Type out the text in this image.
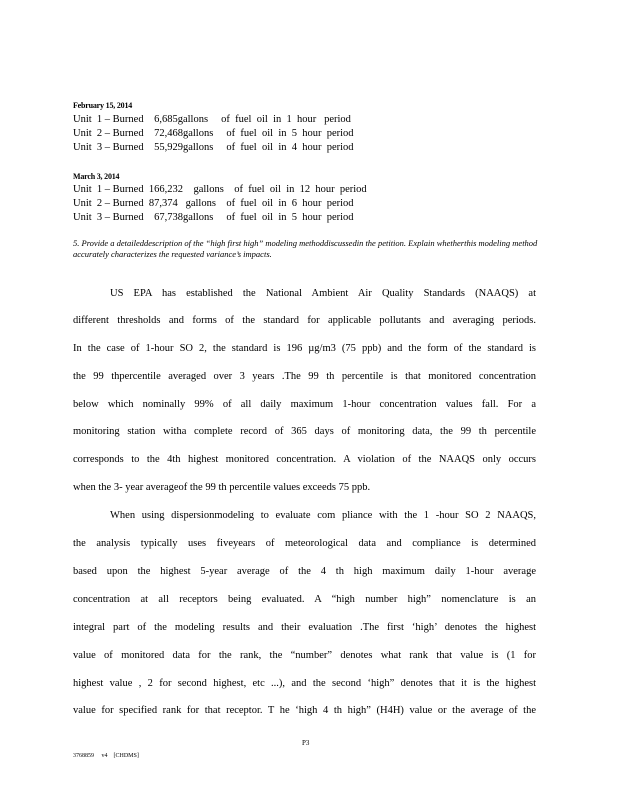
February 15, 2014
Unit  1 – Burned    6,685gallons     of  fuel  oil  in  1  hour   period
Unit  2 – Burned    72,468gallons     of  fuel  oil  in  5  hour  period
Unit  3 – Burned    55,929gallons     of  fuel  oil  in  4  hour  period
March 3, 2014
Unit  1 – Burned  166,232    gallons    of  fuel  oil  in  12  hour  period
Unit  2 – Burned  87,374   gallons    of  fuel  oil  in  6  hour  period
Unit  3 – Burned    67,738gallons     of  fuel  oil  in  5  hour  period
5. Provide a detaileddescription of the “high first high” modeling methoddiscussedin the petition. Explain whetherthis modeling method accurately characterizes the requested variance’s impacts.
US EPA has established the National Ambient Air Quality Standards (NAAQS) at
different thresholds and forms of the standard for applicable pollutants and averaging periods.
In the case of 1-hour SO 2, the standard is 196 µg/m3 (75 ppb) and the form of the standard is
the 99 thpercentile averaged over 3 years .The 99 th percentile is that monitored concentration
below which nominally 99% of all daily maximum 1-hour concentration values fall. For a
monitoring station witha complete record of 365 days of monitoring data, the 99 th percentile
corresponds to the 4th highest monitored concentration. A violation of the NAAQS only occurs
when the 3- year averageof the 99 th percentile values exceeds 75 ppb.
When using dispersionmodeling to evaluate com pliance with the 1 -hour SO 2 NAAQS,
the analysis typically uses fiveyears of meteorological data and compliance is determined
based upon the highest 5-year average of the 4 th high maximum daily 1-hour average
concentration at all receptors being evaluated. A “high number high” nomenclature is an
integral part of the modeling results and their evaluation .The first ‘high’ denotes the highest
value of monitored data for the rank, the “number” denotes what rank that value is (1 for
highest value , 2 for second highest, etc ...), and the second ‘high” denotes that it is the highest
value for specified rank for that receptor. T he ‘high 4 th high” (H4H) value or the average of the
P3
3768859     v4    [CHDMS]
